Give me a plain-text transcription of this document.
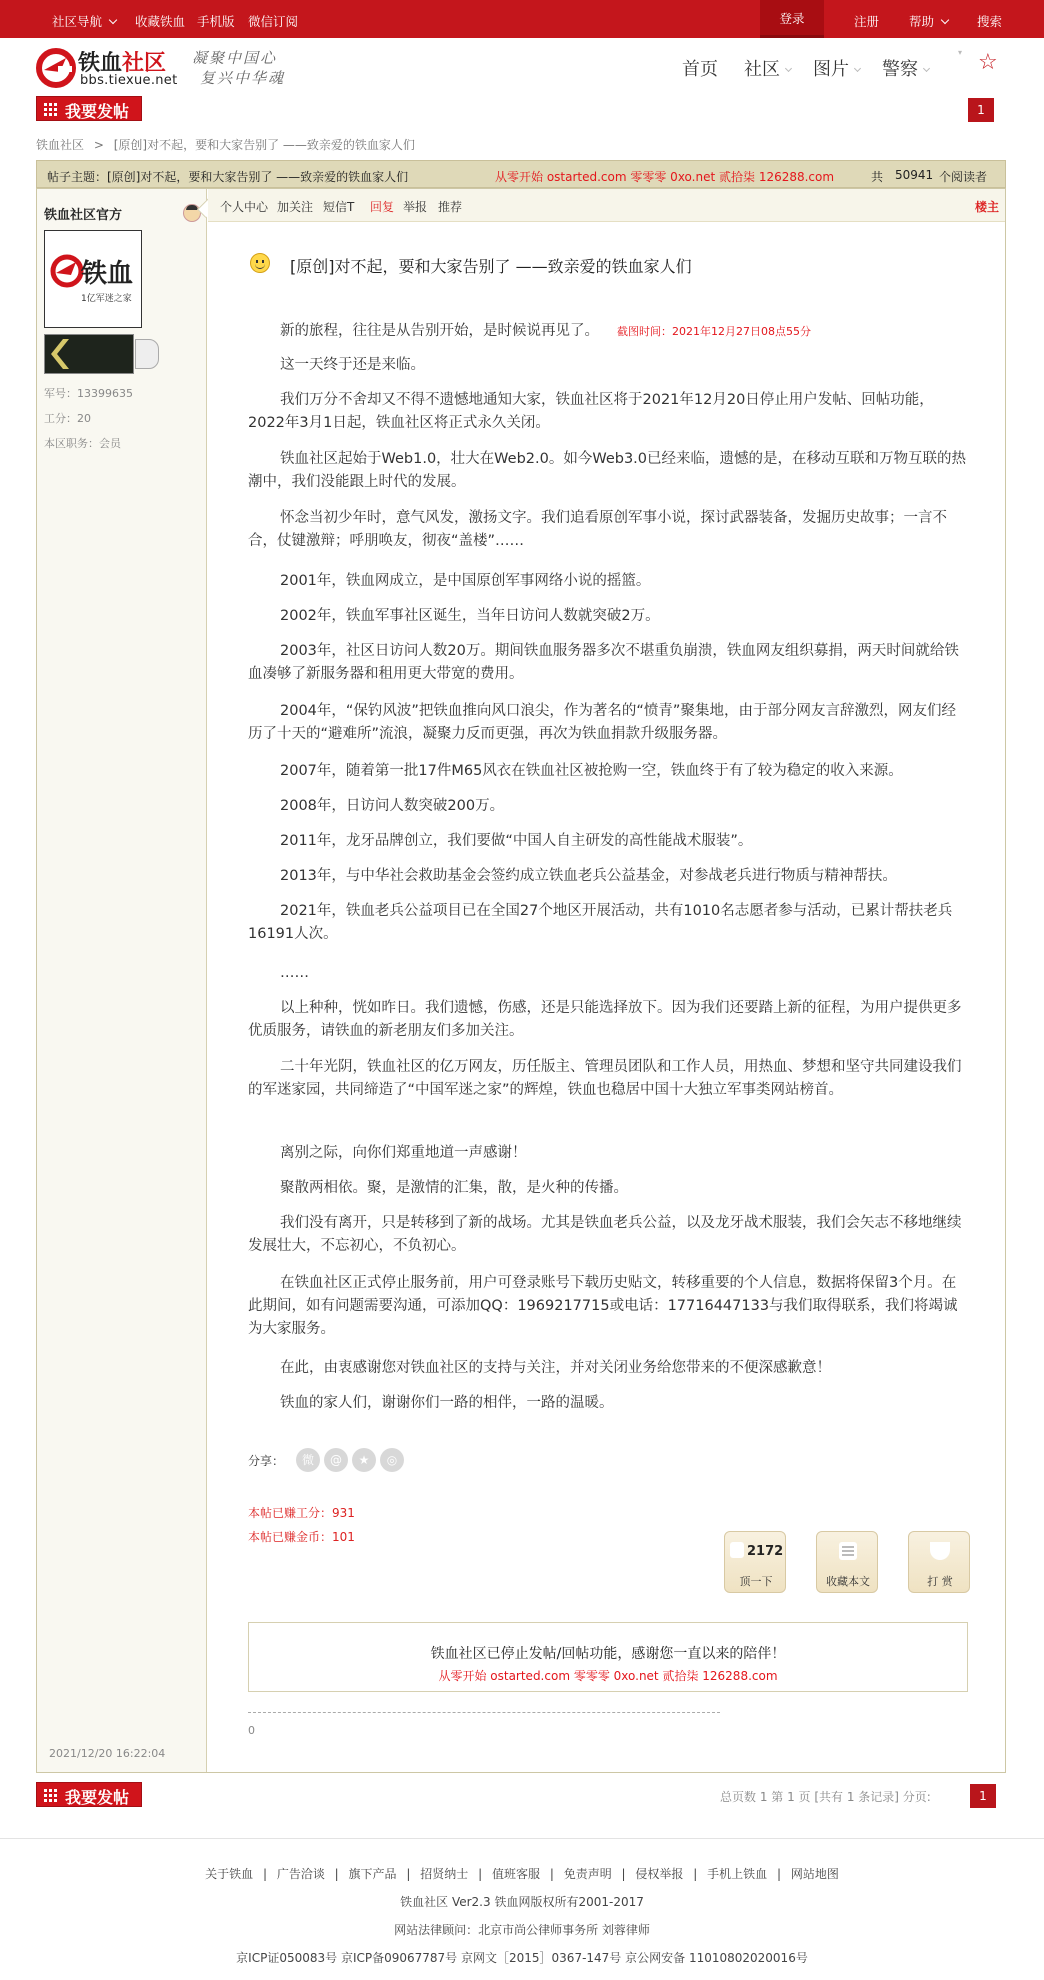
社区导航	收藏铁血 手机版 微信订阅	登录	注册 帮助	搜索
铁血社区
bbs.tiexue.net
凝聚中国心
复兴中华魂	首页 社区	图片	警察
▾ ☆
我要发帖	1
铁血社区 > [原创]对不起，要和大家告别了 ——致亲爱的铁血家人们
帖子主题：[原创]对不起，要和大家告别了 ——致亲爱的铁血家人们	从零开始 ostarted.com 零零零 0xo.net 贰拾柒 126288.com	共 50941 个阅读者
铁血社区官方
铁血
1亿军迷之家
军号：13399635
工分：20
本区职务：会员
2021/12/20 16:22:04
个人中心 加关注 短信T 回复 举报 推荐	楼主
[原创]对不起，要和大家告别了 ——致亲爱的铁血家人们

新的旅程，往往是从告别开始，是时候说再见了。 截图时间：2021年12月27日08点55分

这一天终于还是来临。

我们万分不舍却又不得不遗憾地通知大家，铁血社区将于2021年12月20日停止用户发帖、回帖功能， 2022年3月1日起，铁血社区将正式永久关闭。

铁血社区起始于Web1.0，壮大在Web2.0。如今Web3.0已经来临，遗憾的是，在移动互联和万物互联的热潮中，我们没能跟上时代的发展。

怀念当初少年时，意气风发，激扬文字。我们追看原创军事小说，探讨武器装备，发掘历史故事；一言不合，仗键激辩；呼朋唤友，彻夜“盖楼”……

2001年，铁血网成立，是中国原创军事网络小说的摇篮。

2002年，铁血军事社区诞生，当年日访问人数就突破2万。

2003年，社区日访问人数20万。期间铁血服务器多次不堪重负崩溃，铁血网友组织募捐，两天时间就给铁血凑够了新服务器和租用更大带宽的费用。

2004年，“保钓风波”把铁血推向风口浪尖，作为著名的“愤青”聚集地，由于部分网友言辞激烈，网友们经历了十天的“避难所”流浪，凝聚力反而更强，再次为铁血捐款升级服务器。

2007年，随着第一批17件M65风衣在铁血社区被抢购一空，铁血终于有了较为稳定的收入来源。

2008年，日访问人数突破200万。

2011年，龙牙品牌创立，我们要做“中国人自主研发的高性能战术服装”。

2013年，与中华社会救助基金会签约成立铁血老兵公益基金，对参战老兵进行物质与精神帮扶。

2021年，铁血老兵公益项目已在全国27个地区开展活动，共有1010名志愿者参与活动，已累计帮扶老兵16191人次。

……

以上种种，恍如昨日。我们遗憾，伤感，还是只能选择放下。因为我们还要踏上新的征程，为用户提供更多优质服务，请铁血的新老朋友们多加关注。

二十年光阴，铁血社区的亿万网友，历任版主、管理员团队和工作人员，用热血、梦想和坚守共同建设我们的军迷家园，共同缔造了“中国军迷之家”的辉煌，铁血也稳居中国十大独立军事类网站榜首。

离别之际，向你们郑重地道一声感谢！

聚散两相依。聚，是激情的汇集，散，是火种的传播。

我们没有离开，只是转移到了新的战场。尤其是铁血老兵公益，以及龙牙战术服装，我们会矢志不移地继续发展壮大，不忘初心，不负初心。

在铁血社区正式停止服务前，用户可登录账号下载历史贴文，转移重要的个人信息，数据将保留3个月。在此期间，如有问题需要沟通，可添加QQ：1969217715或电话：17716447133与我们取得联系，我们将竭诚为大家服务。

在此，由衷感谢您对铁血社区的支持与关注，并对关闭业务给您带来的不便深感歉意！

铁血的家人们，谢谢你们一路的相伴，一路的温暖。

分享：	微	@	★	◎
本帖已赚工分：931
本帖已赚金币：101
2172
顶一下	收藏本文	打 赏
铁血社区已停止发帖/回帖功能，感谢您一直以来的陪伴！
从零开始 ostarted.com 零零零 0xo.net 贰拾柒 126288.com
0
我要发帖	总页数 1 第 1 页 [共有 1 条记录] 分页:	1
关于铁血 | 广告洽谈 | 旗下产品 | 招贤纳士 | 值班客服 | 免责声明 | 侵权举报 | 手机上铁血 | 网站地图
铁血社区 Ver2.3 铁血网版权所有2001-2017
网站法律顾问：北京市尚公律师事务所 刘蓉律师
京ICP证050083号 京ICP备09067787号 京网文［2015］0367-147号 京公网安备 11010802020016号
